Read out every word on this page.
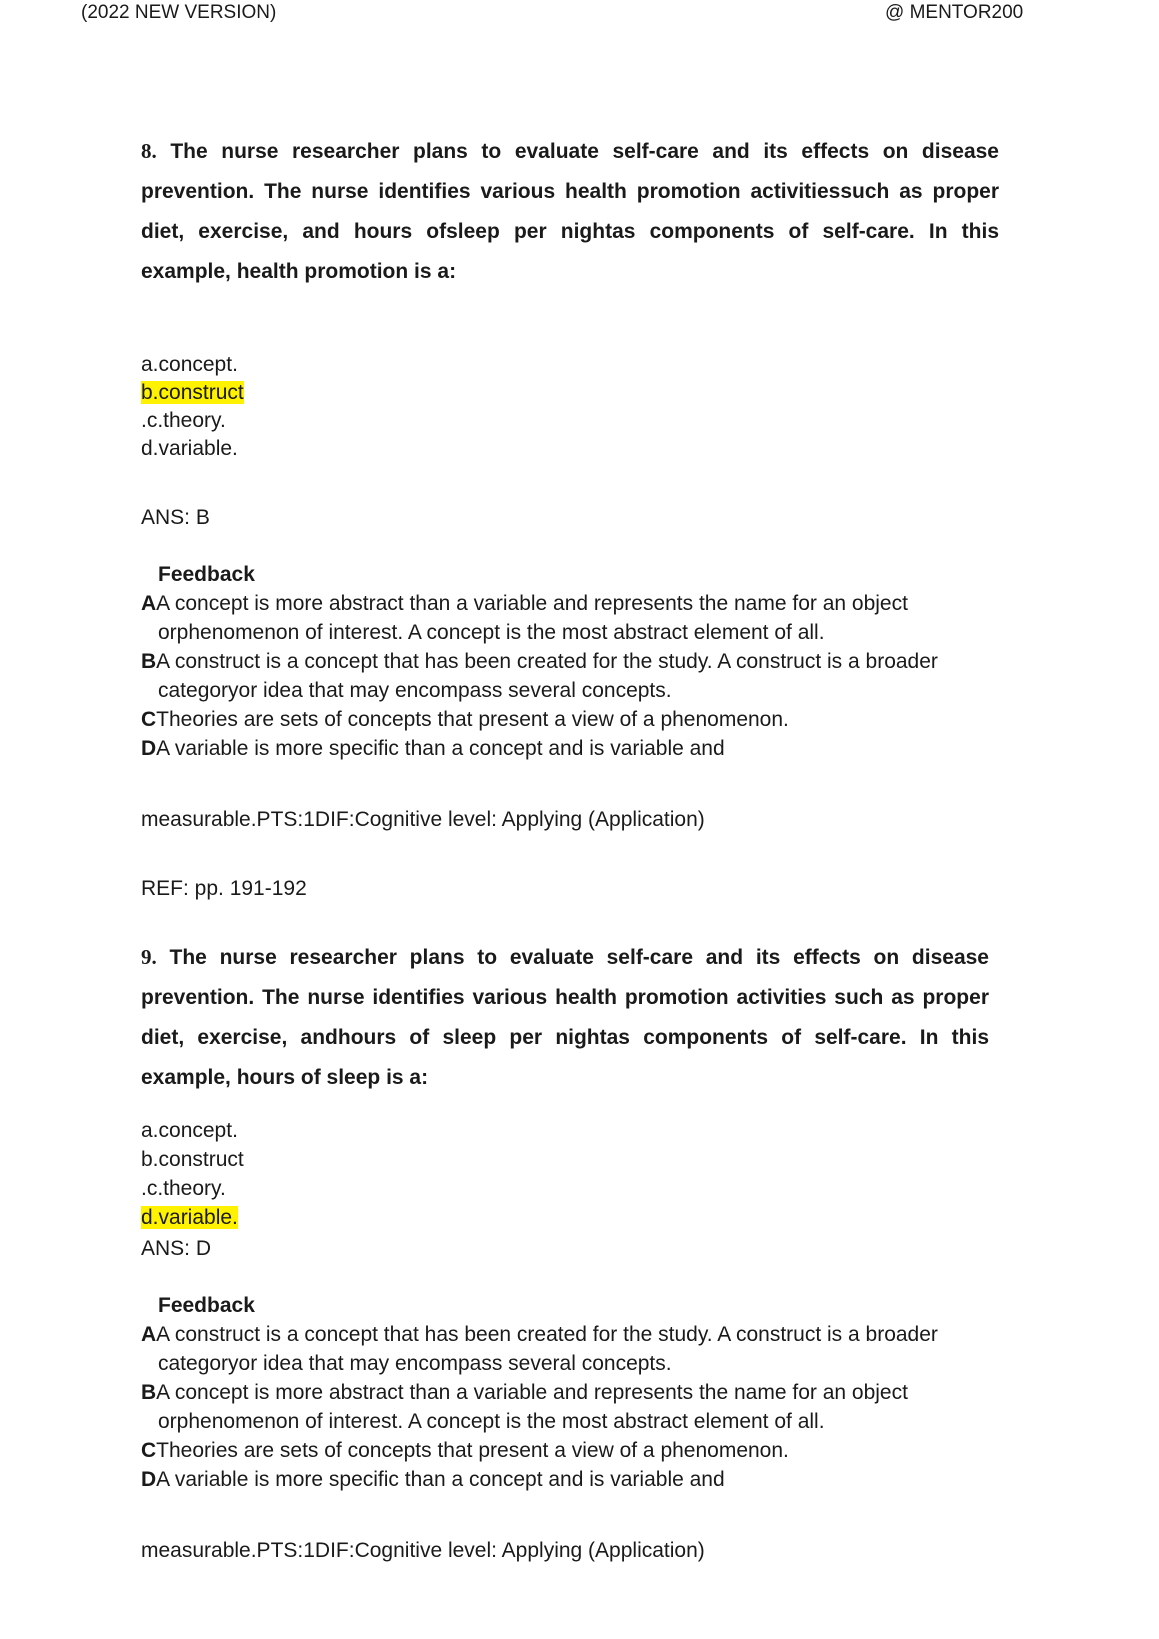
(2022 NEW VERSION)	@ MENTOR200
8. The nurse researcher plans to evaluate self-care and its effects on disease prevention. The nurse identifies various health promotion activitiessuch as proper diet, exercise, and hours ofsleep per nightas components of self-care. In this example, health promotion is a:
a.concept.
b.construct
.c.theory.
d.variable.
ANS: B
Feedback
AA concept is more abstract than a variable and represents the name for an object orphenomenon of interest. A concept is the most abstract element of all.
BA construct is a concept that has been created for the study. A construct is a broader categoryor idea that may encompass several concepts.
CTheories are sets of concepts that present a view of a phenomenon.
DA variable is more specific than a concept and is variable and
measurable.PTS:1DIF:Cognitive level: Applying (Application)
REF: pp. 191-192
9. The nurse researcher plans to evaluate self-care and its effects on disease prevention. The nurse identifies various health promotion activities such as proper diet, exercise, andhours of sleep per nightas components of self-care. In this example, hours of sleep is a:
a.concept.
b.construct
.c.theory.
d.variable.
ANS: D
Feedback
AA construct is a concept that has been created for the study. A construct is a broader categoryor idea that may encompass several concepts.
BA concept is more abstract than a variable and represents the name for an object orphenomenon of interest. A concept is the most abstract element of all.
CTheories are sets of concepts that present a view of a phenomenon.
DA variable is more specific than a concept and is variable and
measurable.PTS:1DIF:Cognitive level: Applying (Application)
